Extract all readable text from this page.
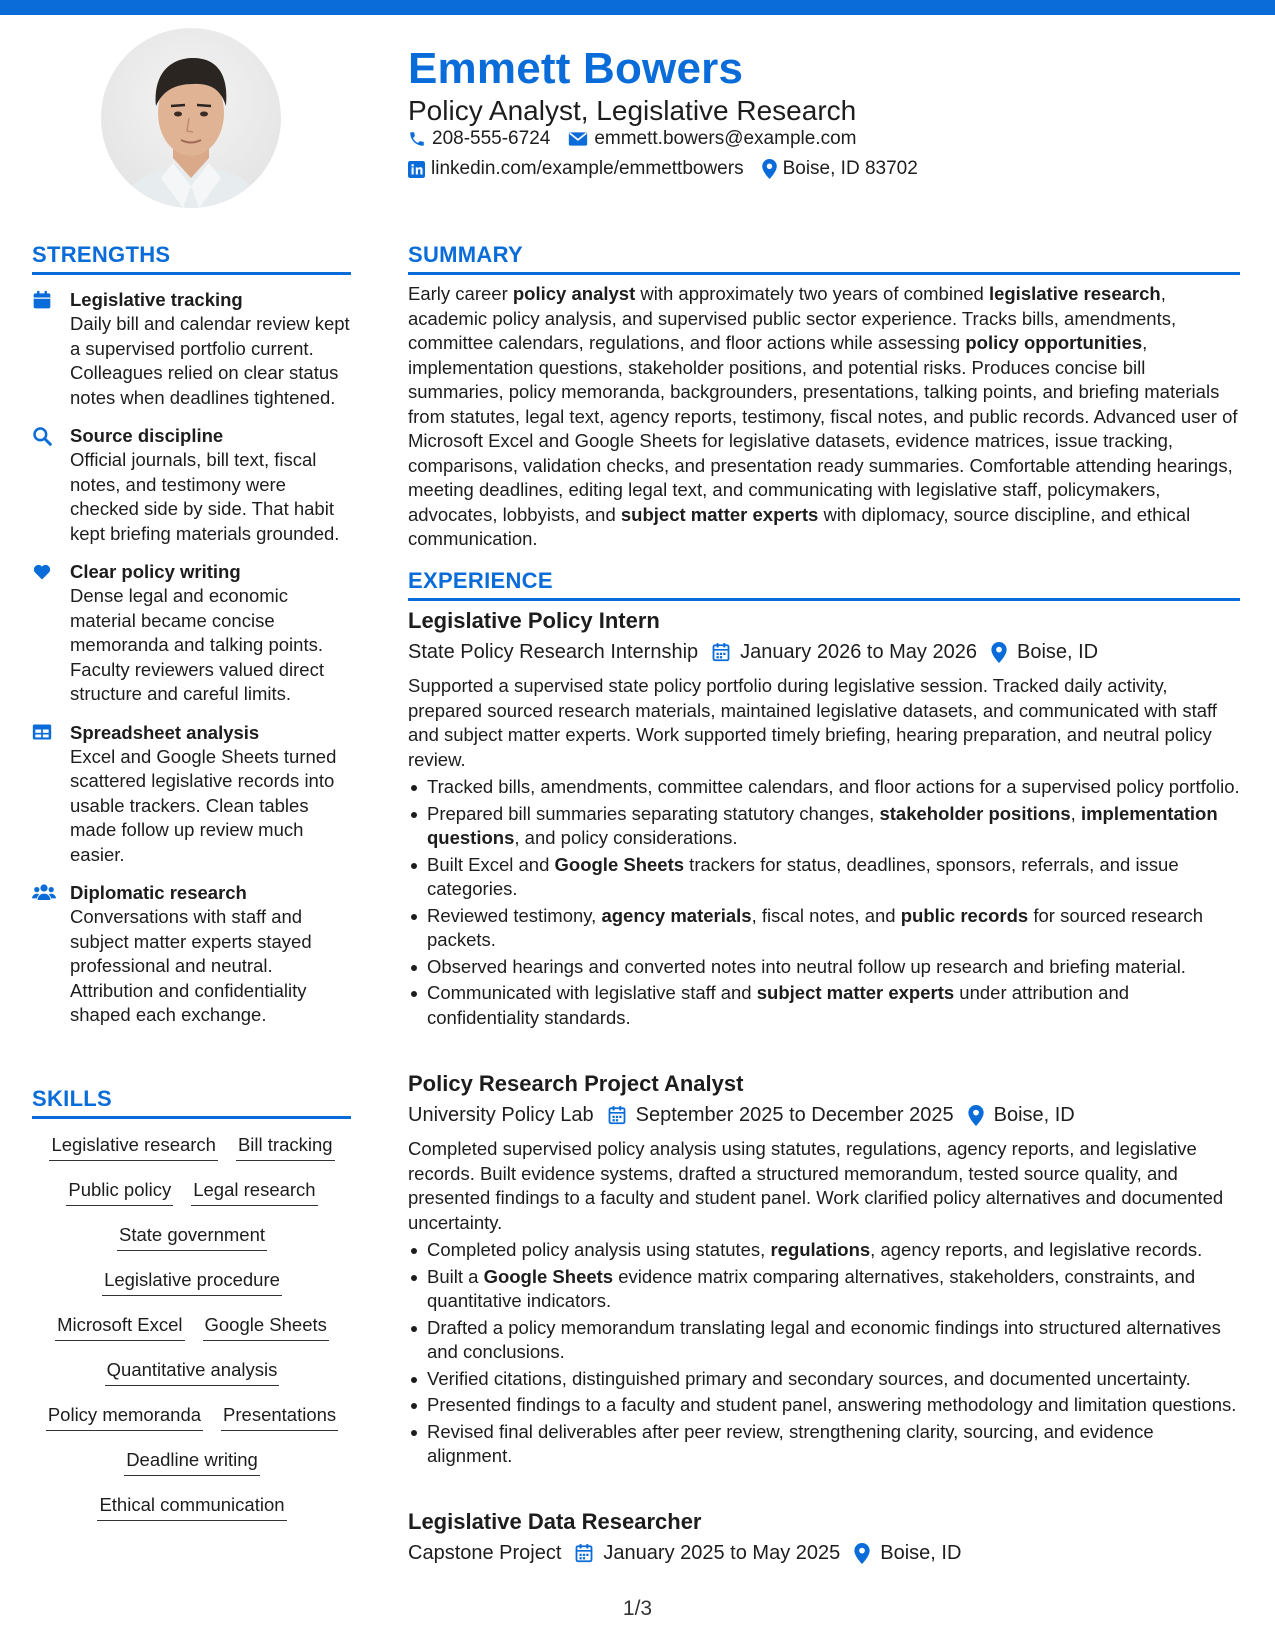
Emmett Bowers
Policy Analyst, Legislative Research
208-555-6724 emmett.bowers@example.com
linkedin.com/example/emmettbowers Boise, ID 83702
STRENGTHS
Legislative tracking
Daily bill and calendar review kept a supervised portfolio current. Colleagues relied on clear status notes when deadlines tightened.
Source discipline
Official journals, bill text, fiscal notes, and testimony were checked side by side. That habit kept briefing materials grounded.
Clear policy writing
Dense legal and economic material became concise memoranda and talking points. Faculty reviewers valued direct structure and careful limits.
Spreadsheet analysis
Excel and Google Sheets turned scattered legislative records into usable trackers. Clean tables made follow up review much easier.
Diplomatic research
Conversations with staff and subject matter experts stayed professional and neutral. Attribution and confidentiality shaped each exchange.
SKILLS
Legislative research Bill tracking
Public policy Legal research
State government
Legislative procedure
Microsoft Excel Google Sheets
Quantitative analysis
Policy memoranda Presentations
Deadline writing
Ethical communication
SUMMARY
Early career policy analyst with approximately two years of combined legislative research, academic policy analysis, and supervised public sector experience. Tracks bills, amendments, committee calendars, regulations, and floor actions while assessing policy opportunities, implementation questions, stakeholder positions, and potential risks. Produces concise bill summaries, policy memoranda, backgrounders, presentations, talking points, and briefing materials from statutes, legal text, agency reports, testimony, fiscal notes, and public records. Advanced user of Microsoft Excel and Google Sheets for legislative datasets, evidence matrices, issue tracking, comparisons, validation checks, and presentation ready summaries. Comfortable attending hearings, meeting deadlines, editing legal text, and communicating with legislative staff, policymakers, advocates, lobbyists, and subject matter experts with diplomacy, source discipline, and ethical communication.
EXPERIENCE
Legislative Policy Intern
State Policy Research Internship January 2026 to May 2026 Boise, ID
Supported a supervised state policy portfolio during legislative session. Tracked daily activity, prepared sourced research materials, maintained legislative datasets, and communicated with staff and subject matter experts. Work supported timely briefing, hearing preparation, and neutral policy review.
Tracked bills, amendments, committee calendars, and floor actions for a supervised policy portfolio.
Prepared bill summaries separating statutory changes, stakeholder positions, implementation questions, and policy considerations.
Built Excel and Google Sheets trackers for status, deadlines, sponsors, referrals, and issue categories.
Reviewed testimony, agency materials, fiscal notes, and public records for sourced research packets.
Observed hearings and converted notes into neutral follow up research and briefing material.
Communicated with legislative staff and subject matter experts under attribution and confidentiality standards.
Policy Research Project Analyst
University Policy Lab September 2025 to December 2025 Boise, ID
Completed supervised policy analysis using statutes, regulations, agency reports, and legislative records. Built evidence systems, drafted a structured memorandum, tested source quality, and presented findings to a faculty and student panel. Work clarified policy alternatives and documented uncertainty.
Completed policy analysis using statutes, regulations, agency reports, and legislative records.
Built a Google Sheets evidence matrix comparing alternatives, stakeholders, constraints, and quantitative indicators.
Drafted a policy memorandum translating legal and economic findings into structured alternatives and conclusions.
Verified citations, distinguished primary and secondary sources, and documented uncertainty.
Presented findings to a faculty and student panel, answering methodology and limitation questions.
Revised final deliverables after peer review, strengthening clarity, sourcing, and evidence alignment.
Legislative Data Researcher
Capstone Project January 2025 to May 2025 Boise, ID
1/3
